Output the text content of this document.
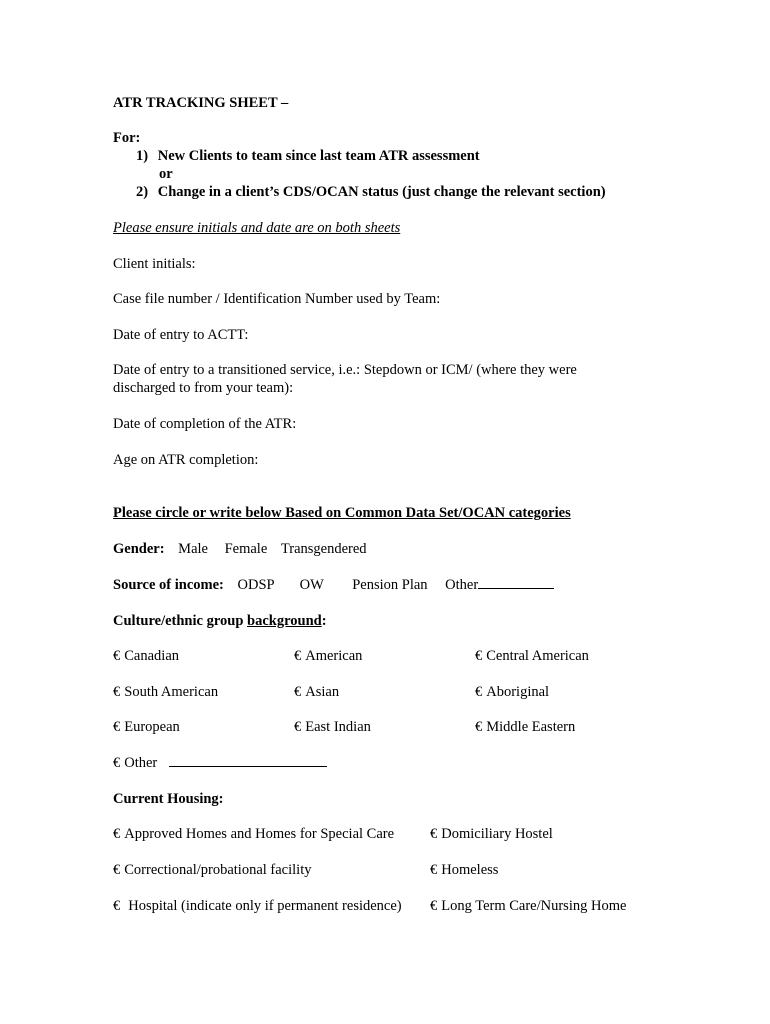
ATR TRACKING SHEET –
For:
1) New Clients to team since last team ATR assessment
or
2) Change in a client’s CDS/OCAN status (just change the relevant section)
Please ensure initials and date are on both sheets
Client initials:
Case file number / Identification Number used by Team:
Date of entry to ACTT:
Date of entry to a transitioned service, i.e.: Stepdown or ICM/ (where they were
discharged to from your team):
Date of completion of the ATR:
Age on ATR completion:
Please circle or write below Based on Common Data Set/OCAN categories
Gender: Male Female Transgendered
Source of income: ODSP OW Pension Plan Other
Culture/ethnic group background:
€ Canadian	€ American	€ Central American
€ South American	€ Asian	€ Aboriginal
€ European	€ East Indian	€ Middle Eastern
€ Other
Current Housing:
€ Approved Homes and Homes for Special Care € Domiciliary Hostel
€ Correctional/probational facility	€ Homeless
€ Hospital (indicate only if permanent residence) € Long Term Care/Nursing Home
